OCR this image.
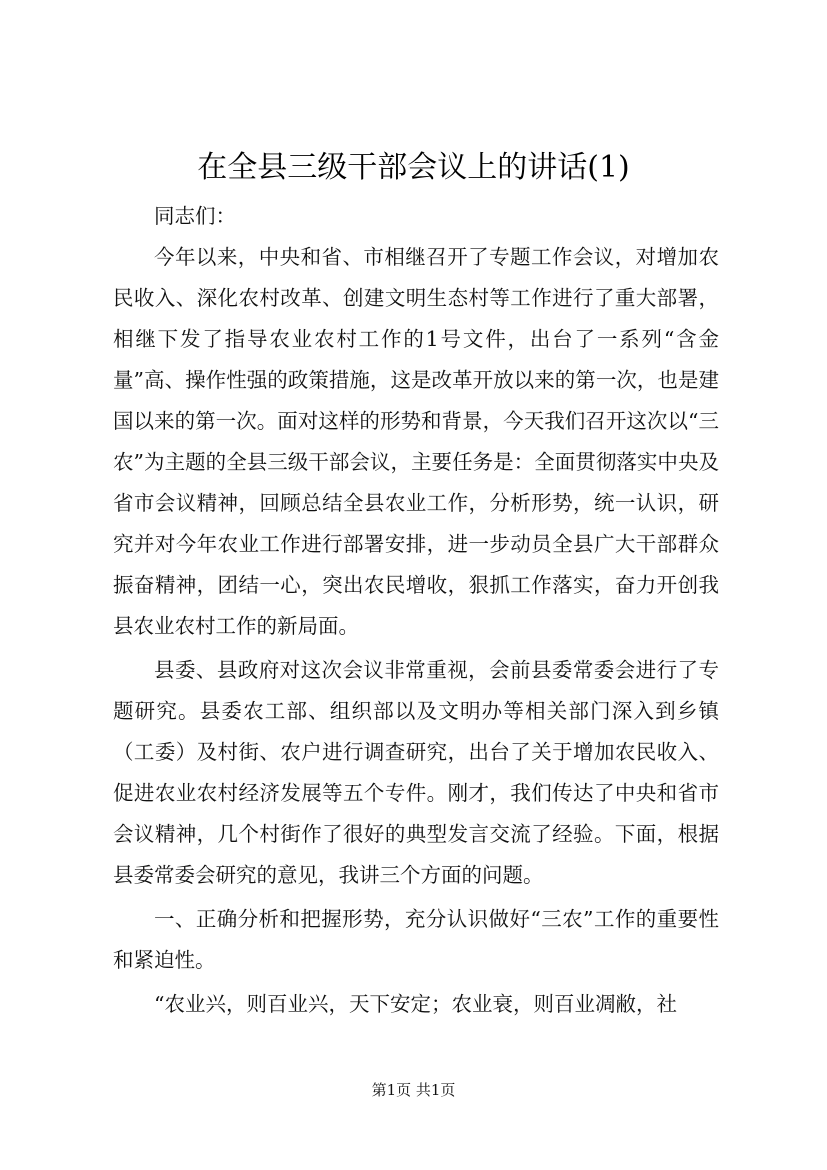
在全县三级干部会议上的讲话(1)

同志们：

今年以来，中央和省、市相继召开了专题工作会议，对增加农民收入、深化农村改革、创建文明生态村等工作进行了重大部署，相继下发了指导农业农村工作的1号文件，出台了一系列“含金量”高、操作性强的政策措施，这是改革开放以来的第一次，也是建国以来的第一次。面对这样的形势和背景，今天我们召开这次以“三农”为主题的全县三级干部会议，主要任务是：全面贯彻落实中央及省市会议精神，回顾总结全县农业工作，分析形势，统一认识，研究并对今年农业工作进行部署安排，进一步动员全县广大干部群众振奋精神，团结一心，突出农民增收，狠抓工作落实，奋力开创我县农业农村工作的新局面。

县委、县政府对这次会议非常重视，会前县委常委会进行了专题研究。县委农工部、组织部以及文明办等相关部门深入到乡镇（工委）及村街、农户进行调查研究，出台了关于增加农民收入、促进农业农村经济发展等五个专件。刚才，我们传达了中央和省市会议精神，几个村街作了很好的典型发言交流了经验。下面，根据县委常委会研究的意见，我讲三个方面的问题。

一、正确分析和把握形势，充分认识做好“三农”工作的重要性和紧迫性。

“农业兴，则百业兴，天下安定；农业衰，则百业凋敝，社

第1页 共1页
